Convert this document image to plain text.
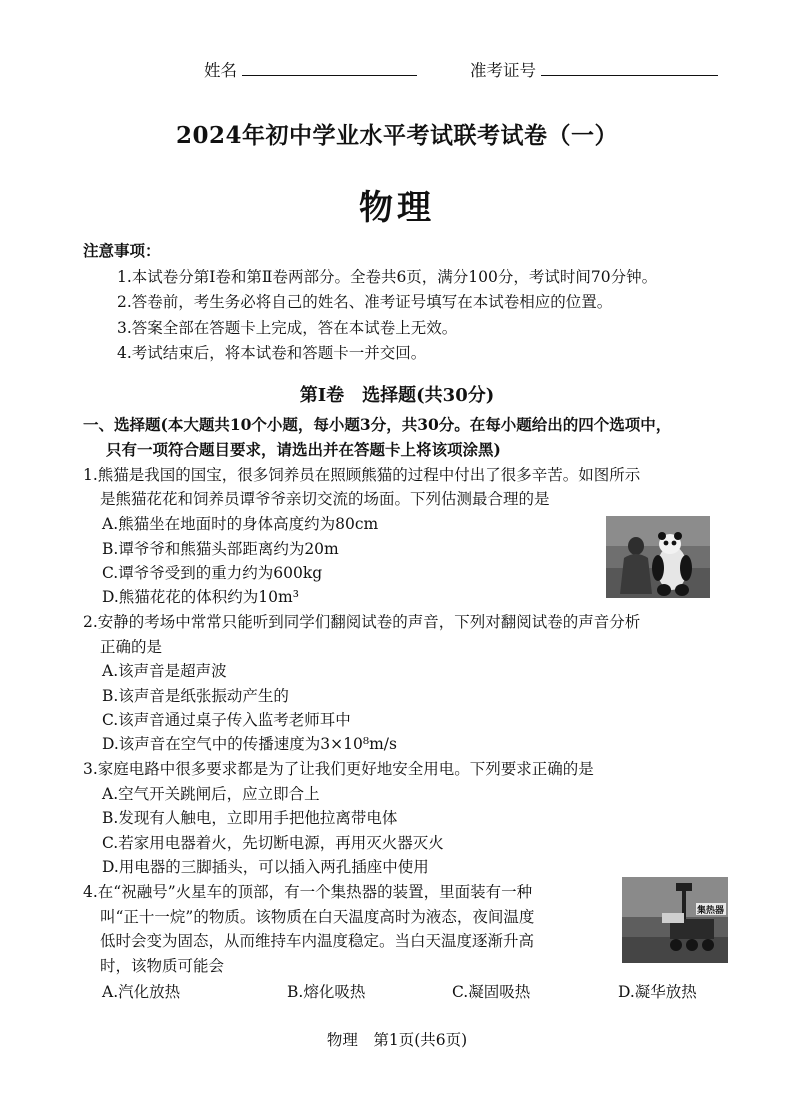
姓名	准考证号
2024年初中学业水平考试联考试卷（一）
物理
注意事项：
1.本试卷分第Ⅰ卷和第Ⅱ卷两部分。全卷共6页，满分100分，考试时间70分钟。
2.答卷前，考生务必将自己的姓名、准考证号填写在本试卷相应的位置。
3.答案全部在答题卡上完成，答在本试卷上无效。
4.考试结束后，将本试卷和答题卡一并交回。
第Ⅰ卷　选择题(共30分)
一、选择题(本大题共10个小题，每小题3分，共30分。在每小题给出的四个选项中，
只有一项符合题目要求，请选出并在答题卡上将该项涂黑)
1.熊猫是我国的国宝，很多饲养员在照顾熊猫的过程中付出了很多辛苦。如图所示
是熊猫花花和饲养员谭爷爷亲切交流的场面。下列估测最合理的是
A.熊猫坐在地面时的身体高度约为80cm
B.谭爷爷和熊猫头部距离约为20m
C.谭爷爷受到的重力约为600kg
D.熊猫花花的体积约为10m³
2.安静的考场中常常只能听到同学们翻阅试卷的声音，下列对翻阅试卷的声音分析
正确的是
A.该声音是超声波
B.该声音是纸张振动产生的
C.该声音通过桌子传入监考老师耳中
D.该声音在空气中的传播速度为3×10⁸m/s
3.家庭电路中很多要求都是为了让我们更好地安全用电。下列要求正确的是
A.空气开关跳闸后，应立即合上
B.发现有人触电，立即用手把他拉离带电体
C.若家用电器着火，先切断电源，再用灭火器灭火
D.用电器的三脚插头，可以插入两孔插座中使用
4.在“祝融号”火星车的顶部，有一个集热器的装置，里面装有一种
叫“正十一烷”的物质。该物质在白天温度高时为液态，夜间温度
低时会变为固态，从而维持车内温度稳定。当白天温度逐渐升高
时，该物质可能会
A.汽化放热	B.熔化吸热	C.凝固吸热	D.凝华放热
集热器
物理　第1页(共6页)
